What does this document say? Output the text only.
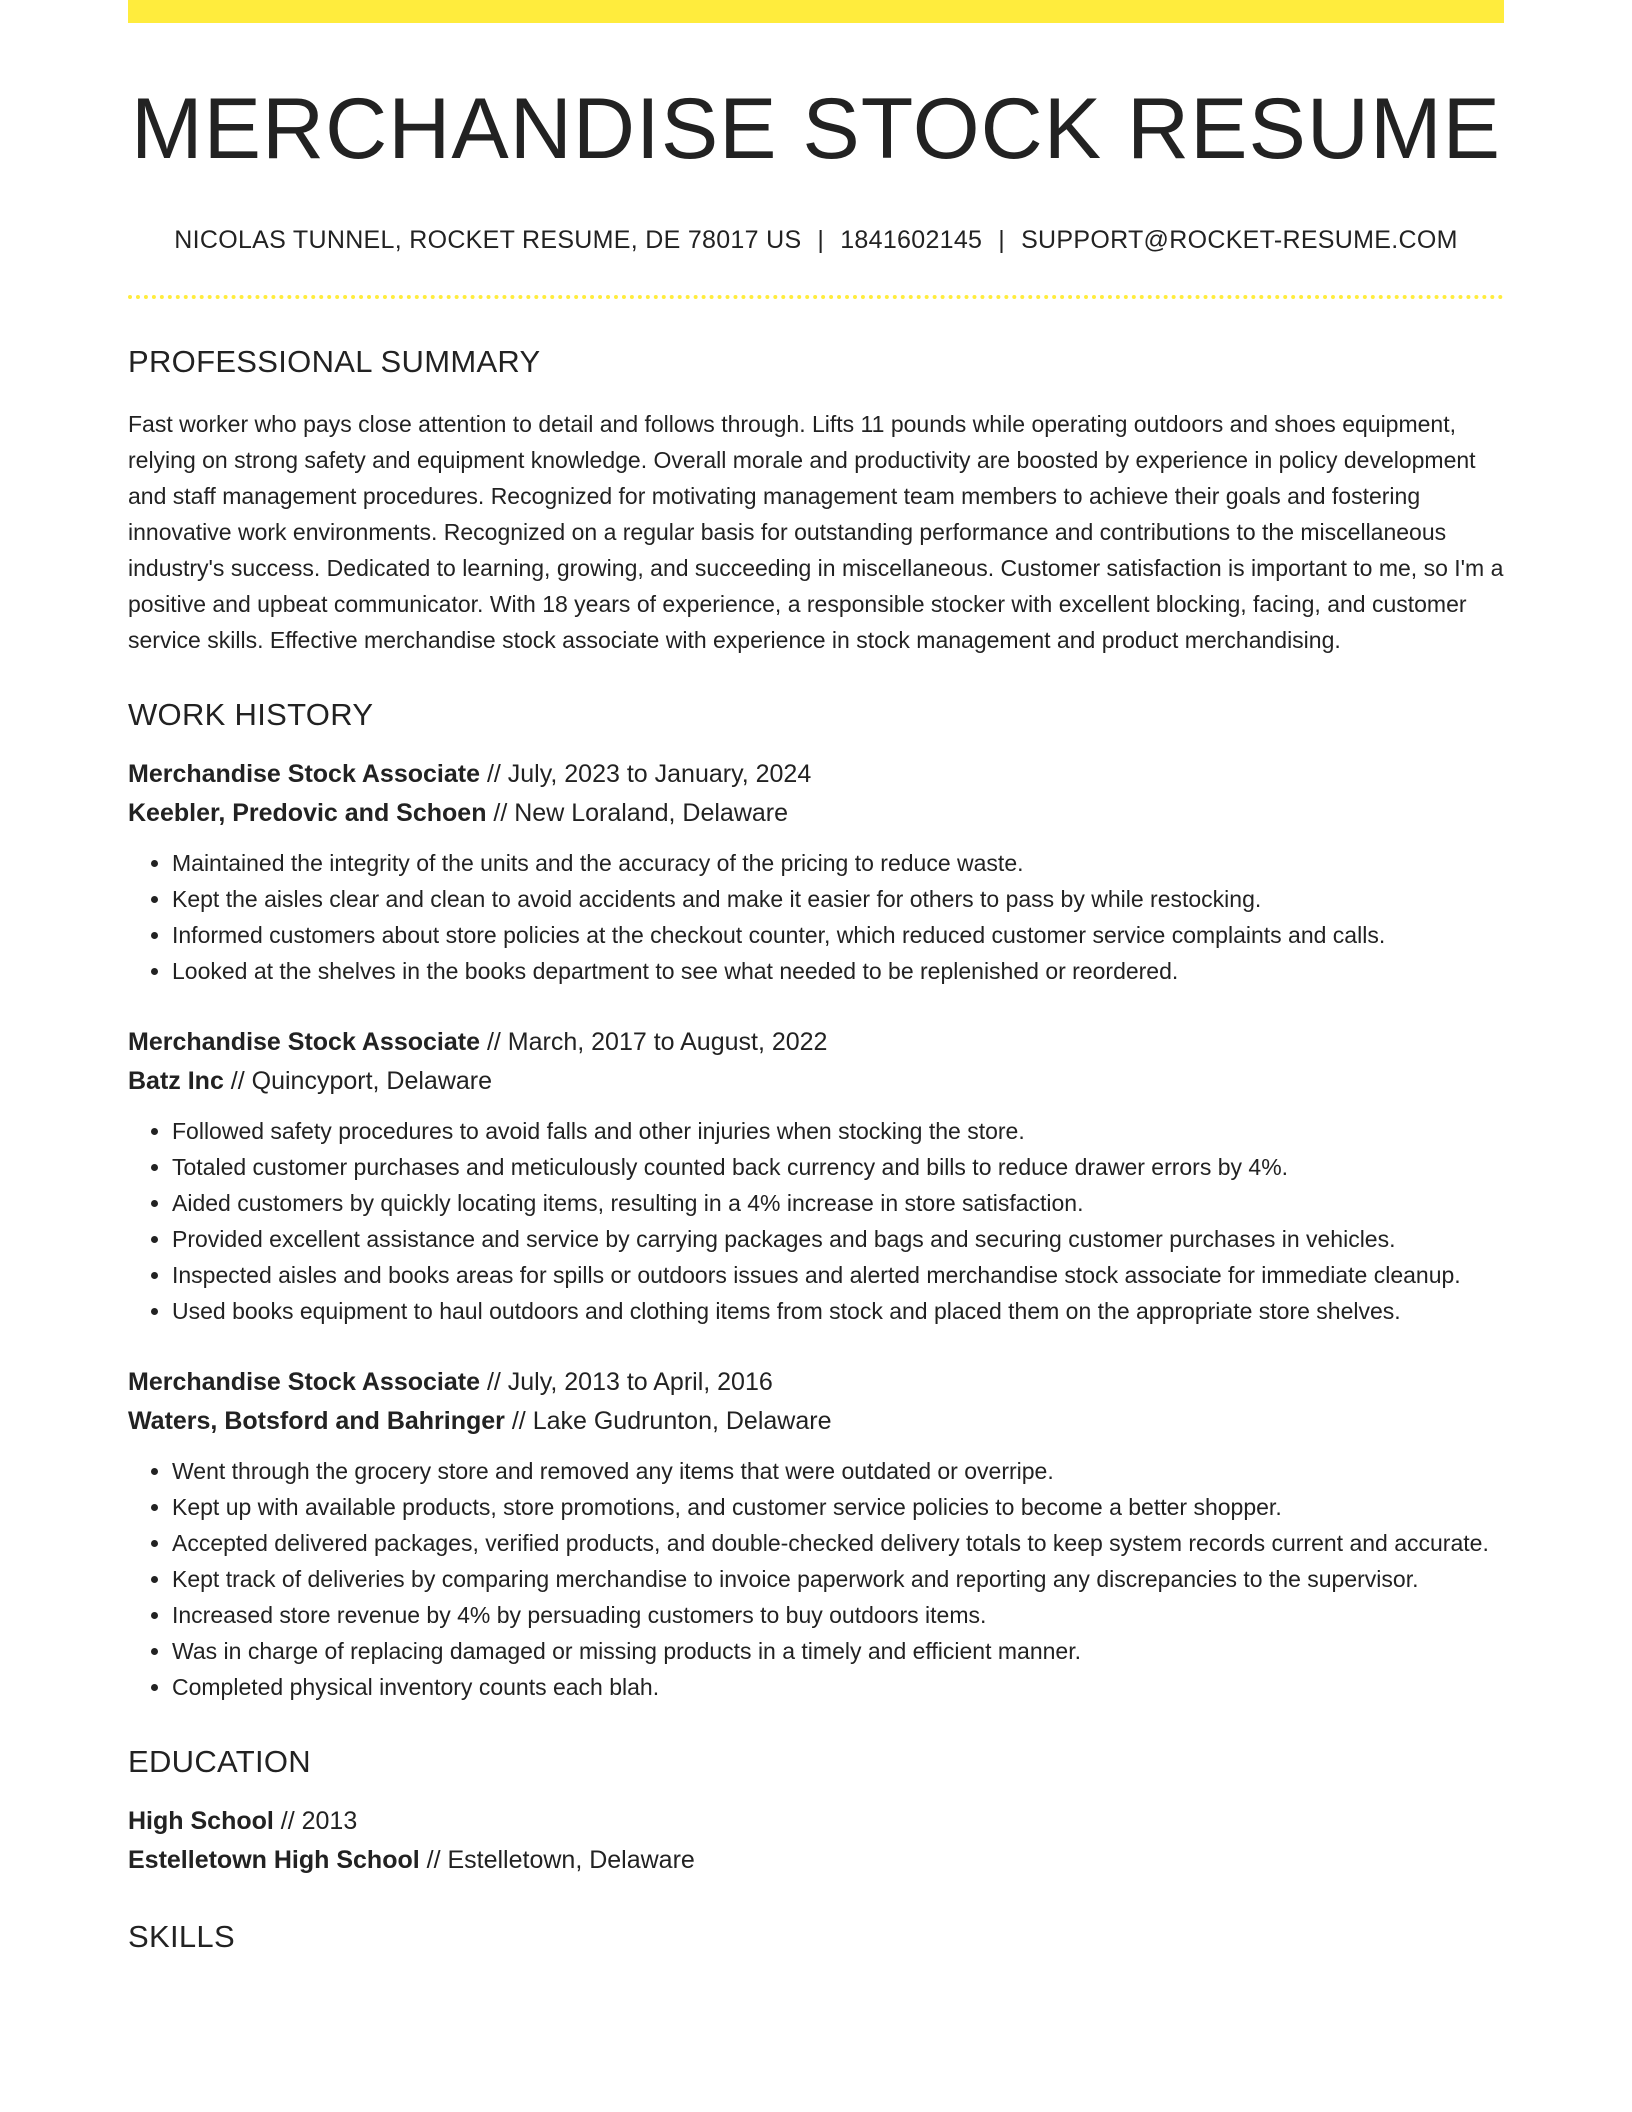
MERCHANDISE STOCK RESUME
NICOLAS TUNNEL, ROCKET RESUME, DE 78017 US | 1841602145 | SUPPORT@ROCKET-RESUME.COM
PROFESSIONAL SUMMARY

Fast worker who pays close attention to detail and follows through. Lifts 11 pounds while operating outdoors and shoes equipment, relying on strong safety and equipment knowledge. Overall morale and productivity are boosted by experience in policy development and staff management procedures. Recognized for motivating management team members to achieve their goals and fostering innovative work environments. Recognized on a regular basis for outstanding performance and contributions to the miscellaneous industry's success. Dedicated to learning, growing, and succeeding in miscellaneous. Customer satisfaction is important to me, so I'm a positive and upbeat communicator. With 18 years of experience, a responsible stocker with excellent blocking, facing, and customer service skills. Effective merchandise stock associate with experience in stock management and product merchandising.

WORK HISTORY
Merchandise Stock Associate // July, 2023 to January, 2024
Keebler, Predovic and Schoen // New Loraland, Delaware
• Maintained the integrity of the units and the accuracy of the pricing to reduce waste.
• Kept the aisles clear and clean to avoid accidents and make it easier for others to pass by while restocking.
• Informed customers about store policies at the checkout counter, which reduced customer service complaints and calls.
• Looked at the shelves in the books department to see what needed to be replenished or reordered.
Merchandise Stock Associate // March, 2017 to August, 2022
Batz Inc // Quincyport, Delaware
• Followed safety procedures to avoid falls and other injuries when stocking the store.
• Totaled customer purchases and meticulously counted back currency and bills to reduce drawer errors by 4%.
• Aided customers by quickly locating items, resulting in a 4% increase in store satisfaction.
• Provided excellent assistance and service by carrying packages and bags and securing customer purchases in vehicles.
• Inspected aisles and books areas for spills or outdoors issues and alerted merchandise stock associate for immediate cleanup.
• Used books equipment to haul outdoors and clothing items from stock and placed them on the appropriate store shelves.
Merchandise Stock Associate // July, 2013 to April, 2016
Waters, Botsford and Bahringer // Lake Gudrunton, Delaware
• Went through the grocery store and removed any items that were outdated or overripe.
• Kept up with available products, store promotions, and customer service policies to become a better shopper.
• Accepted delivered packages, verified products, and double-checked delivery totals to keep system records current and accurate.
• Kept track of deliveries by comparing merchandise to invoice paperwork and reporting any discrepancies to the supervisor.
• Increased store revenue by 4% by persuading customers to buy outdoors items.
• Was in charge of replacing damaged or missing products in a timely and efficient manner.
• Completed physical inventory counts each blah.
EDUCATION
High School // 2013
Estelletown High School // Estelletown, Delaware
SKILLS
